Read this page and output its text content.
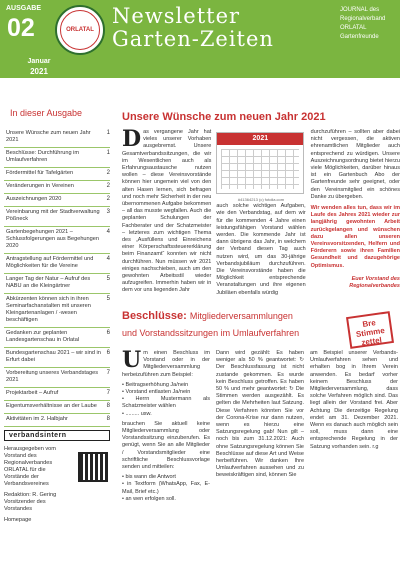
AUSGABE
02
Januar
2021
ORLATAL
Newsletter
Garten-Zeiten
JOURNAL des
Regionalverband
ORLATAL
Gartenfreunde
In dieser Ausgabe
Unsere Wünsche zum neuen Jahr 2021
1
Beschlüsse: Durchführung im Umlaufverfahren
1
Fördermittel für Tafelgärten	2
Veränderungen in Vereinen	2
Auszeichnungen 2020	2
Vereinbarung mit der Stadtverwaltung Pößneck
3
Gartenbegehungen 2021 – Schlussfolgerungen aus Begehungen 2020
4
Antragstellung auf Fördermittel und Möglichkeiten für die Vereine
4
Langer Tag der Natur – Aufruf des NABU an die Kleingärtner
5
Abkürzenten können sich in ihren Seminarfachanstalten mit unseren Kleingartenanlagen / -wesen beschäftigen
5
Gedanken zur geplanten Landesgartenschau in Orlatal
6
Bundesgartenschau 2021 – wir sind in Erfurt dabei
6
Vorbereitung unseres Verbandstages 2021
7
Projektarbeit – Aufruf	7
Eigentumsverhältnisse an der Laube	8
Aktivitäten im 2. Halbjahr	8
verbandsintern

Herausgegeben vom Vorstand des Regionalverbandes ORLATAL für die Vorstände der Verbandsvereines

Redaktion: R. Gering Vorsitzender des Vorstandes

Homepage

Unsere Wünsche zum neuen Jahr 2021
D as vergangene Jahr hat vieles unserer Vorhaben ausgebremst. Unsere Gesamtverbandssitzungen, die wir im Wesentlichen auch als Erfahrungsaustausche nutzen wollen – diese Vereinsvorstände können hier ungemein viel von den alten Hasen lernen, sich befragen und noch mehr Sicherheit in der neu übernommenen Aufgabe bekommen – all das musste wegfallen. Auch die geplanten Schulungen der Fachberater und der Schatzmeister – letzteres zum wichtigen Thema des „Ausfüllens und Einreichens einer Körperschaftssteuererklärung beim Finanzamt“ konnten wir nicht durchführen. Nun müssen wir 2021 einiges nachschieben, auch um den gewohnten Arbeitsstil wieder aufzugreifen. Immerhin haben wir in dem vor uns liegenden Jahr
2021
#41364213 (c) fotolia.com
auch solche wichtigen Aufgaben, wie den Verbandstag, auf dem wir für die kommenden 4 Jahre einen leistungsfähigen Vorstand wählen werden. Die kommende Jahr ist dann übrigens das Jahr, in welchem der Verband diesen Tag auch nutzen wird, um das 30-jährige Verbandsjubiläum durchzuführen. Die Vereinsvorstände haben die Möglichkeit entsprechende Veranstaltungen und ihre eigenen Jubiläen ebenfalls würdig

durchzuführen – sollten aber dabei nicht vergessen, die aktiven ehrenamtlichen Mitglieder auch entsprechend zu würdigen. Unsere Auszeichnungsordnung bietet hierzu viele Möglichkeiten, darüber hinaus ist ein Gartenbuch Abo der Gartenfreunde sehr geeignet, oder den Vereinsmitglied ein schönes Danke zu übergeben.

Wir wenden alles tun, dass wir im Laufe des Jahres 2021 wieder zur langjährig gewohnten Arbeit zurückgelangen und wünschen dazu allen unseren Vereinsvorsitzenden, Helfern und Förderern sowie ihren Familien Gesundheit und dazugehörige Optimismus.

Euer Vorstand des Regionalverbandes

Beschlüsse: Mitgliederversammlungen
und Vorstandssitzungen im Umlaufverfahren
Bre Stimme zettel
U m einen Beschluss im Vorstand oder in der Mitgliederversammlung herbeizuführen zum Beispiel:
• Beitragserhöhung Ja/nein
• Vorstand entlasten Ja/nein
• Herrn Mustermann als Schatzmeister wählen
• ......... usw.

brauchen Sie aktuell keine Mitgliederversammlung oder Vorstandssitzung einzuberufen. Es genügt, wenn Sie an alle Mitglieder / Vorstandsmitglieder eine schriftliche Beschlussvorlage senden und mitteilen:

• bis wann die Antwort
• in Textform (WhatsApp, Fax, E-Mail, Brief etc.)
• an wen erfolgen soll.
Dann wird gezählt: Es haben weniger als 50 % geantwortet: ↻ Der Beschlussfassung ist nicht zustande gekommen. Es wurde kein Beschluss getroffen. Es haben 50 % und mehr geantwortet: ↻ Die Stimmen werden ausgezählt. Es gelten die Mehrheiten laut Satzung. Diese Verfahren könnten Sie vor der Corona-Krise nur dann nutzen, wenn es hierzu eine Satzungsregelung gab! Nun gilt – noch bis zum 31.12.2021: Auch ohne Satzungsregelung können Sie Beschlüsse auf diese Art und Weise herbeiführen. Wir danken Ihre Umlaufverfahren aussehen und zu beweiskräftigen sind, können Sie
am Beispiel unserer Verbands-Umlaufverfahren sehen und erhalten bog in Ihrem Verein anwenden. Es bedarf vorher keinem Beschluss der Mitgliederversammlung, dass solche Verfahren möglich sind. Das liegt allein der Vorstand frei. Aber Achtung Die derzeitige Regelung endet am 31. Dezember 2021. Wenn es danach auch möglich sein soll, muss dann eine entsprechende Regelung in der Satzung vorhanden sein. r.g
